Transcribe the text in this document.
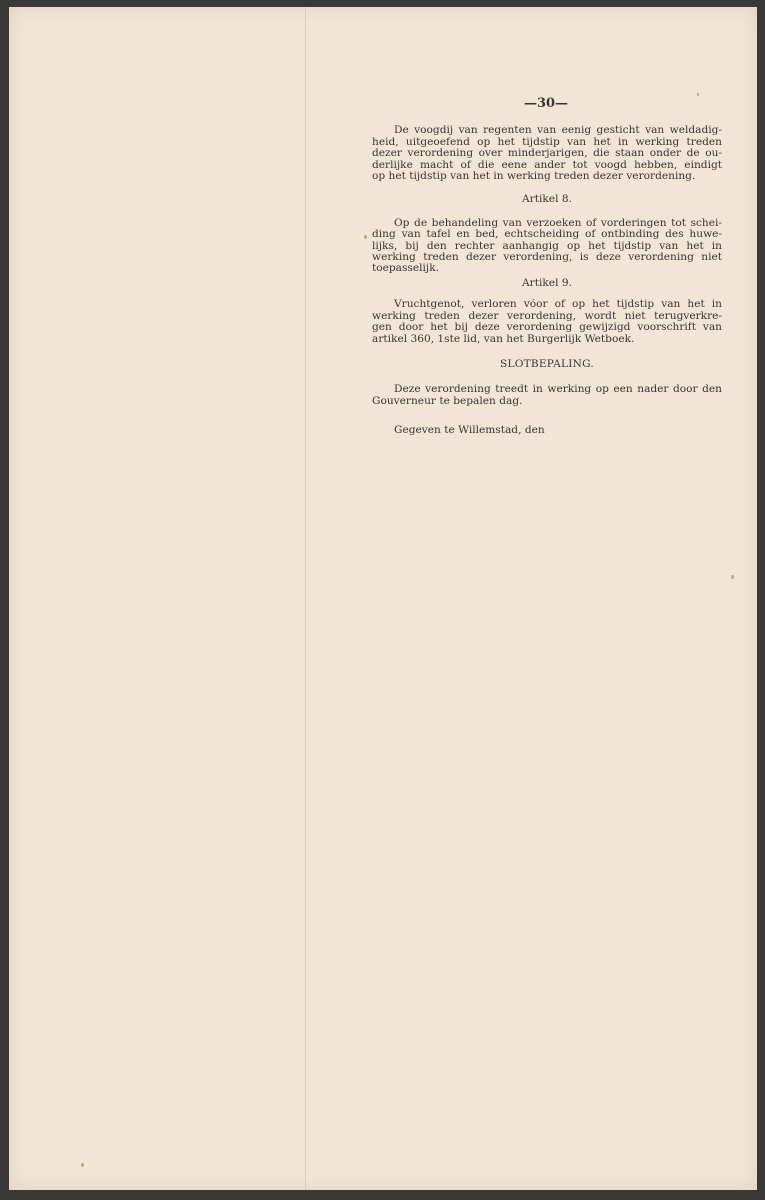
—30—
De voogdij van regenten van eenig gesticht van weldadig-
heid, uitgeoefend op het tijdstip van het in werking treden
dezer verordening over minderjarigen, die staan onder de ou-
derlijke macht of die eene ander tot voogd hebben, eindigt
op het tijdstip van het in werking treden dezer verordening.
Artikel 8.
Op de behandeling van verzoeken of vorderingen tot schei-
ding van tafel en bed, echtscheiding of ontbinding des huwe-
lijks, bij den rechter aanhangig op het tijdstip van het in
werking treden dezer verordening, is deze verordening niet
toepasselijk.
Artikel 9.
Vruchtgenot, verloren vóor of op het tijdstip van het in
werking treden dezer verordening, wordt niet terugverkre-
gen door het bij deze verordening gewijzigd voorschrift van
artikel 360, 1ste lid, van het Burgerlijk Wetboek.
SLOTBEPALING.
Deze verordening treedt in werking op een nader door den
Gouverneur te bepalen dag.
Gegeven te Willemstad, den
